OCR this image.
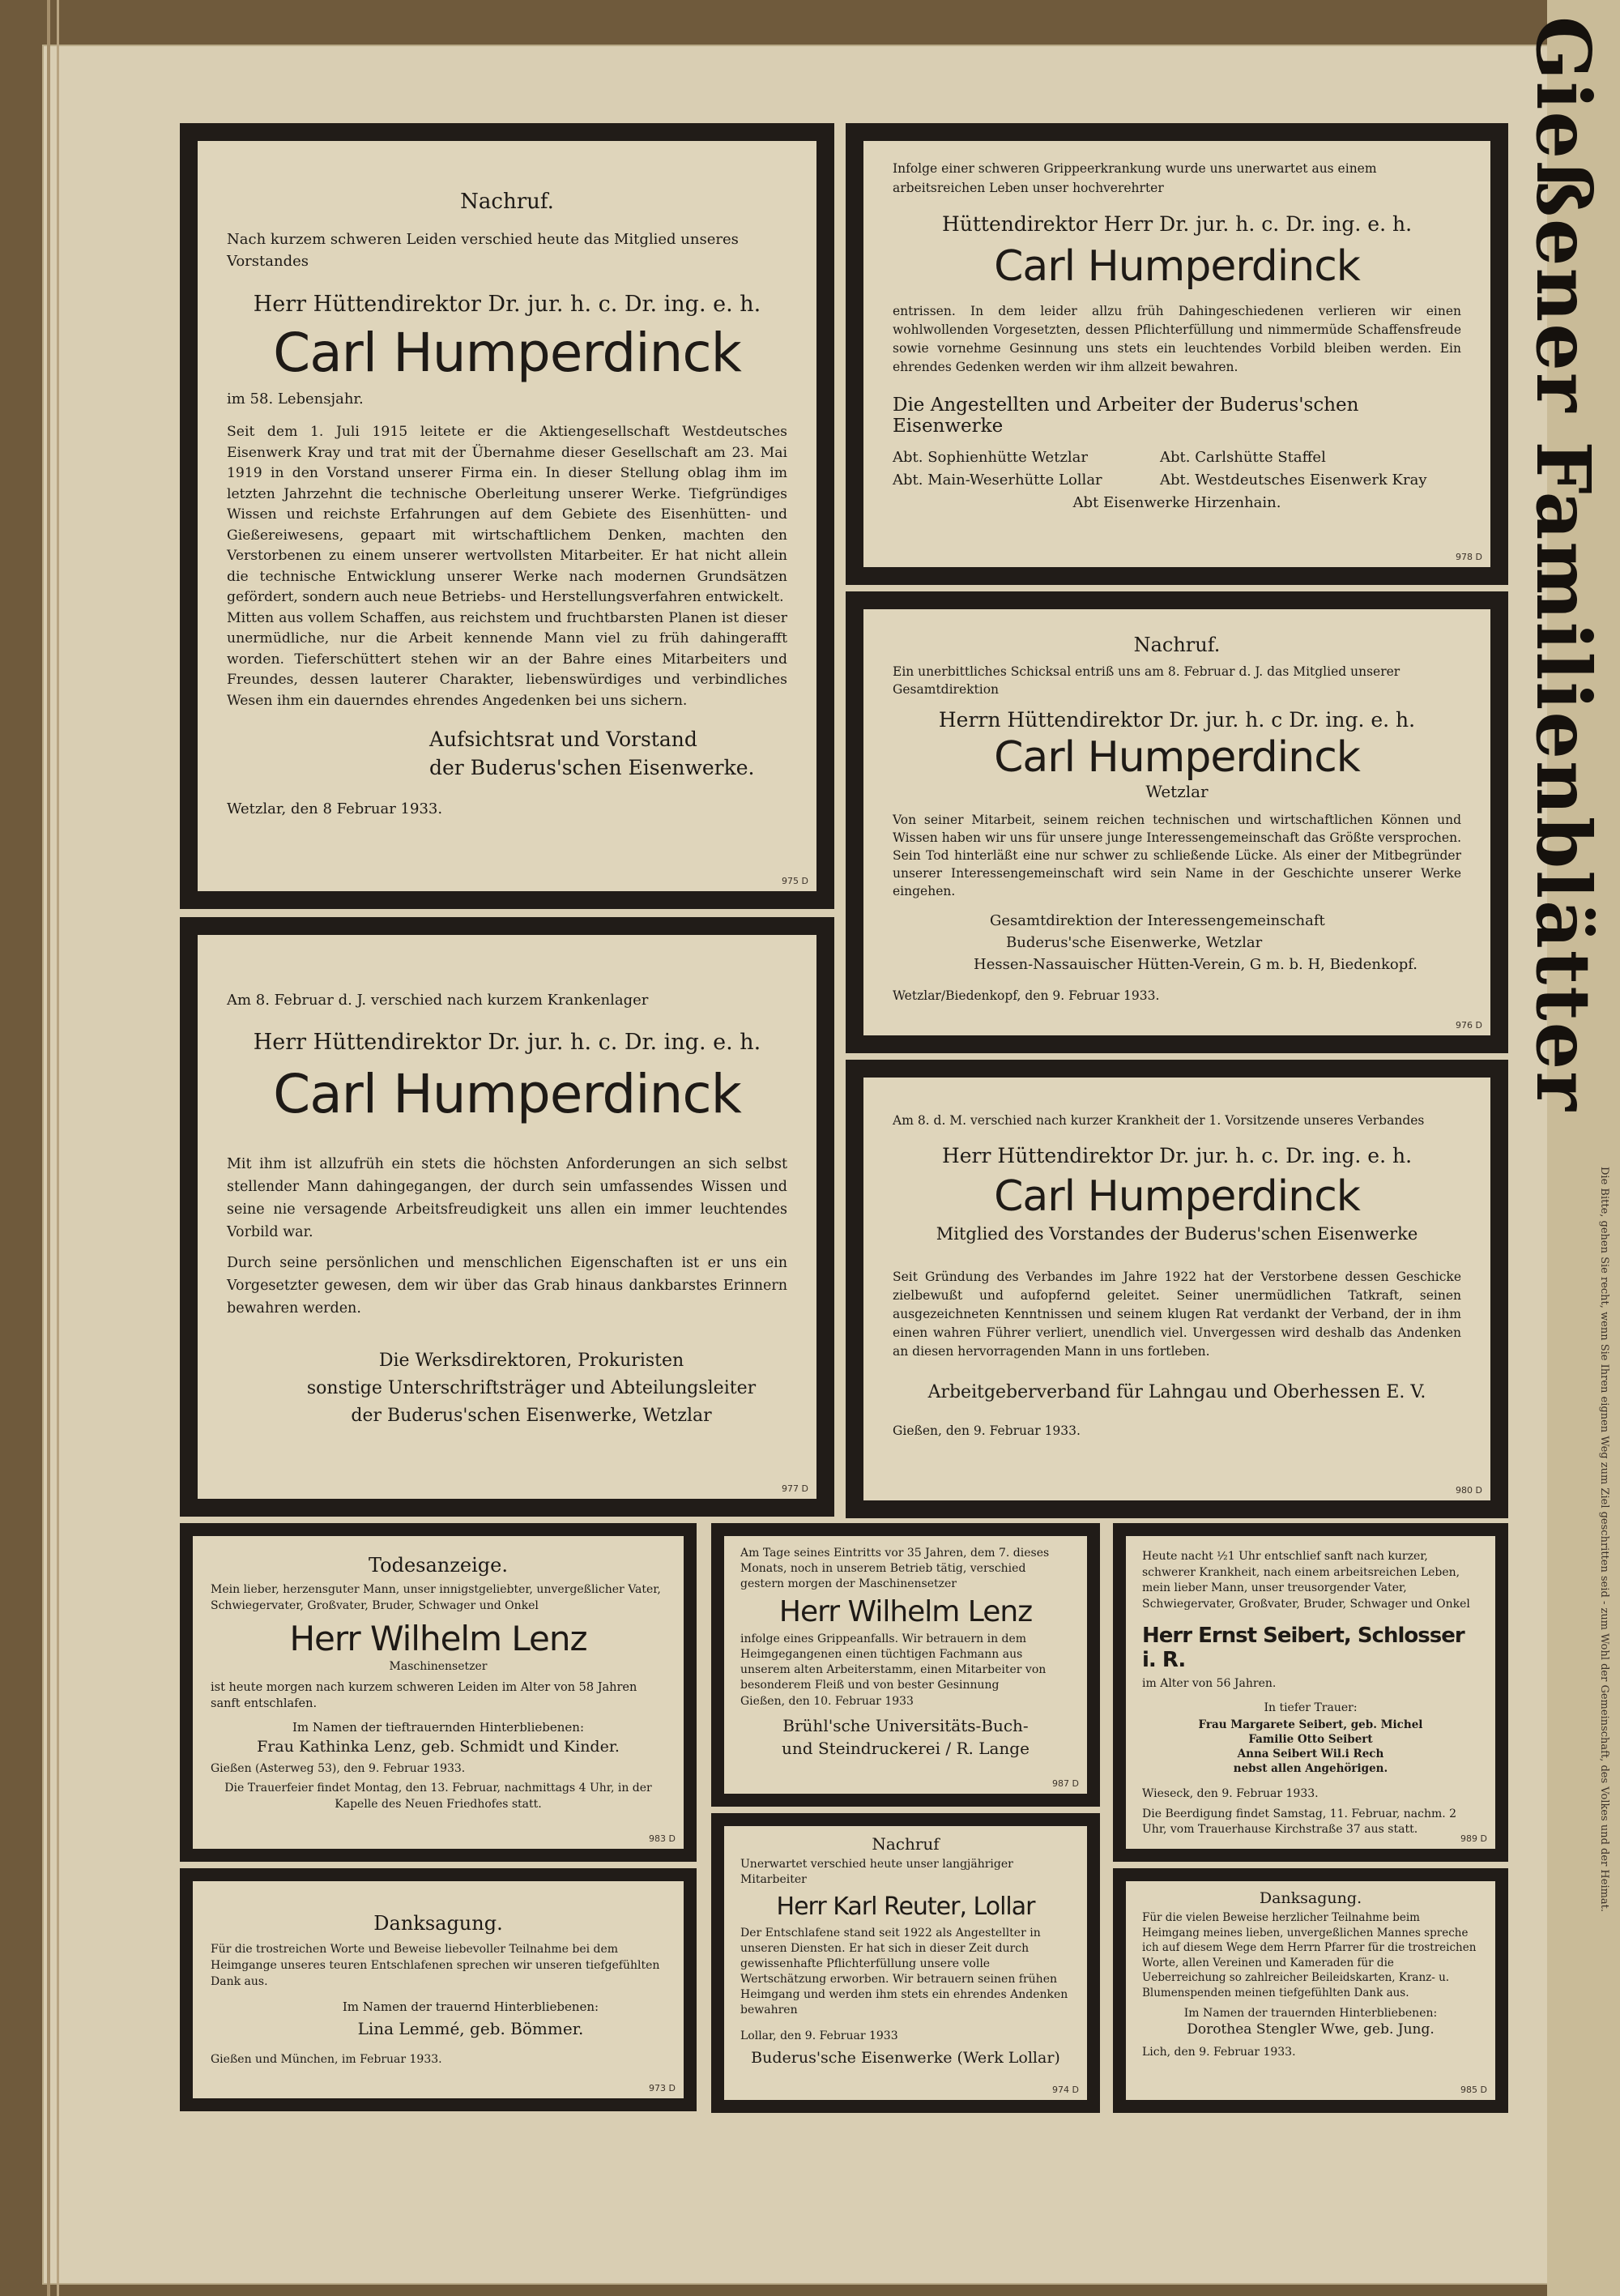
Gießener Familienblätter
Die Bitte, gehen Sie recht, wenn Sie Ihren eignen Weg zum Ziel geschritten seid - zum Wohl der Gemeinschaft, des Volkes und der Heimat.
Nachruf.
Nach kurzem schweren Leiden verschied heute das Mitglied unseres Vorstandes
Herr Hüttendirektor Dr. jur. h. c. Dr. ing. e. h.
Carl Humperdinck
im 58. Lebensjahr.
Seit dem 1. Juli 1915 leitete er die Aktiengesellschaft Westdeutsches Eisenwerk Kray und trat mit der Übernahme dieser Gesellschaft am 23. Mai 1919 in den Vorstand unserer Firma ein. In dieser Stellung oblag ihm im letzten Jahrzehnt die technische Oberleitung unserer Werke. Tiefgründiges Wissen und reichste Erfahrungen auf dem Gebiete des Eisenhütten- und Gießereiwesens, gepaart mit wirtschaftlichem Denken, machten den Verstorbenen zu einem unserer wertvollsten Mitarbeiter. Er hat nicht allein die technische Entwicklung unserer Werke nach modernen Grundsätzen gefördert, sondern auch neue Betriebs- und Herstellungsverfahren entwickelt.
Mitten aus vollem Schaffen, aus reichstem und fruchtbarsten Planen ist dieser unermüdliche, nur die Arbeit kennende Mann viel zu früh dahingerafft worden. Tieferschüttert stehen wir an der Bahre eines Mitarbeiters und Freundes, dessen lauterer Charakter, liebenswürdiges und verbindliches Wesen ihm ein dauerndes ehrendes Angedenken bei uns sichern.
Aufsichtsrat und Vorstand
der Buderus'schen Eisenwerke.
Wetzlar, den 8 Februar 1933.
975 D
Infolge einer schweren Grippeerkrankung wurde uns unerwartet aus einem arbeitsreichen Leben unser hochverehrter
Hüttendirektor Herr Dr. jur. h. c. Dr. ing. e. h.
Carl Humperdinck
entrissen. In dem leider allzu früh Dahingeschiedenen verlieren wir einen wohlwollenden Vorgesetzten, dessen Pflichterfüllung und nimmermüde Schaffensfreude sowie vornehme Gesinnung uns stets ein leuchtendes Vorbild bleiben werden. Ein ehrendes Gedenken werden wir ihm allzeit bewahren.
Die Angestellten und Arbeiter der Buderus'schen Eisenwerke
Abt. Sophienhütte Wetzlar
Abt. Main-Weserhütte Lollar
Abt. Carlshütte Staffel
Abt. Westdeutsches Eisenwerk Kray
Abt Eisenwerke Hirzenhain.
978 D
Nachruf.
Ein unerbittliches Schicksal entriß uns am 8. Februar d. J. das Mitglied unserer Gesamtdirektion
Herrn Hüttendirektor Dr. jur. h. c Dr. ing. e. h.
Carl Humperdinck
Wetzlar
Von seiner Mitarbeit, seinem reichen technischen und wirtschaftlichen Können und Wissen haben wir uns für unsere junge Interessengemeinschaft das Größte versprochen. Sein Tod hinterläßt eine nur schwer zu schließende Lücke. Als einer der Mitbegründer unserer Interessengemeinschaft wird sein Name in der Geschichte unserer Werke eingehen.
Gesamtdirektion der Interessengemeinschaft
Buderus'sche Eisenwerke, Wetzlar
Hessen-Nassauischer Hütten-Verein, G m. b. H, Biedenkopf.
Wetzlar/Biedenkopf, den 9. Februar 1933.
976 D
Am 8. Februar d. J. verschied nach kurzem Krankenlager
Herr Hüttendirektor Dr. jur. h. c. Dr. ing. e. h.
Carl Humperdinck
Mit ihm ist allzufrüh ein stets die höchsten Anforderungen an sich selbst stellender Mann dahingegangen, der durch sein umfassendes Wissen und seine nie versagende Arbeitsfreudigkeit uns allen ein immer leuchtendes Vorbild war.
Durch seine persönlichen und menschlichen Eigenschaften ist er uns ein Vorgesetzter gewesen, dem wir über das Grab hinaus dankbarstes Erinnern bewahren werden.
Die Werksdirektoren, Prokuristen
sonstige Unterschriftsträger und Abteilungsleiter
der Buderus'schen Eisenwerke, Wetzlar
977 D
Am 8. d. M. verschied nach kurzer Krankheit der 1. Vorsitzende unseres Verbandes
Herr Hüttendirektor Dr. jur. h. c. Dr. ing. e. h.
Carl Humperdinck
Mitglied des Vorstandes der Buderus'schen Eisenwerke
Seit Gründung des Verbandes im Jahre 1922 hat der Verstorbene dessen Geschicke zielbewußt und aufopfernd geleitet. Seiner unermüdlichen Tatkraft, seinen ausgezeichneten Kenntnissen und seinem klugen Rat verdankt der Verband, der in ihm einen wahren Führer verliert, unendlich viel. Unvergessen wird deshalb das Andenken an diesen hervorragenden Mann in uns fortleben.
Arbeitgeberverband für Lahngau und Oberhessen E. V.
Gießen, den 9. Februar 1933.
980 D
Todesanzeige.
Mein lieber, herzensguter Mann, unser innigstgeliebter, unvergeßlicher Vater, Schwiegervater, Großvater, Bruder, Schwager und Onkel
Herr Wilhelm Lenz
Maschinensetzer
ist heute morgen nach kurzem schweren Leiden im Alter von 58 Jahren sanft entschlafen.
Im Namen der tieftrauernden Hinterbliebenen:
Frau Kathinka Lenz, geb. Schmidt und Kinder.
Gießen (Asterweg 53), den 9. Februar 1933.
Die Trauerfeier findet Montag, den 13. Februar, nachmittags 4 Uhr, in der Kapelle des Neuen Friedhofes statt.
983 D
Am Tage seines Eintritts vor 35 Jahren, dem 7. dieses Monats, noch in unserem Betrieb tätig, verschied gestern morgen der Maschinensetzer
Herr Wilhelm Lenz
infolge eines Grippeanfalls. Wir betrauern in dem Heimgegangenen einen tüchtigen Fachmann aus unserem alten Arbeiterstamm, einen Mitarbeiter von besonderem Fleiß und von bester Gesinnung
Gießen, den 10. Februar 1933
Brühl'sche Universitäts-Buch-
und Steindruckerei / R. Lange
987 D
Heute nacht ½1 Uhr entschlief sanft nach kurzer, schwerer Krankheit, nach einem arbeitsreichen Leben, mein lieber Mann, unser treusorgender Vater, Schwiegervater, Großvater, Bruder, Schwager und Onkel
Herr Ernst Seibert, Schlosser i. R.
im Alter von 56 Jahren.
In tiefer Trauer:
Frau Margarete Seibert, geb. Michel
Familie Otto Seibert
Anna Seibert Wil.i Rech
nebst allen Angehörigen.
Wieseck, den 9. Februar 1933.
Die Beerdigung findet Samstag, 11. Februar, nachm. 2 Uhr, vom Trauerhause Kirchstraße 37 aus statt.
989 D
Danksagung.
Für die trostreichen Worte und Beweise liebevoller Teilnahme bei dem Heimgange unseres teuren Entschlafenen sprechen wir unseren tiefgefühlten Dank aus.
Im Namen der trauernd Hinterbliebenen:
Lina Lemmé, geb. Bömmer.
Gießen und München, im Februar 1933.
973 D
Nachruf
Unerwartet verschied heute unser langjähriger Mitarbeiter
Herr Karl Reuter, Lollar
Der Entschlafene stand seit 1922 als Angestellter in unseren Diensten. Er hat sich in dieser Zeit durch gewissenhafte Pflichterfüllung unsere volle Wertschätzung erworben. Wir betrauern seinen frühen Heimgang und werden ihm stets ein ehrendes Andenken bewahren
Lollar, den 9. Februar 1933
Buderus'sche Eisenwerke (Werk Lollar)
974 D
Danksagung.
Für die vielen Beweise herzlicher Teilnahme beim Heimgang meines lieben, unvergeßlichen Mannes spreche ich auf diesem Wege dem Herrn Pfarrer für die trostreichen Worte, allen Vereinen und Kameraden für die Ueberreichung so zahlreicher Beileidskarten, Kranz- u. Blumenspenden meinen tiefgefühlten Dank aus.
Im Namen der trauernden Hinterbliebenen:
Dorothea Stengler Wwe, geb. Jung.
Lich, den 9. Februar 1933.
985 D
